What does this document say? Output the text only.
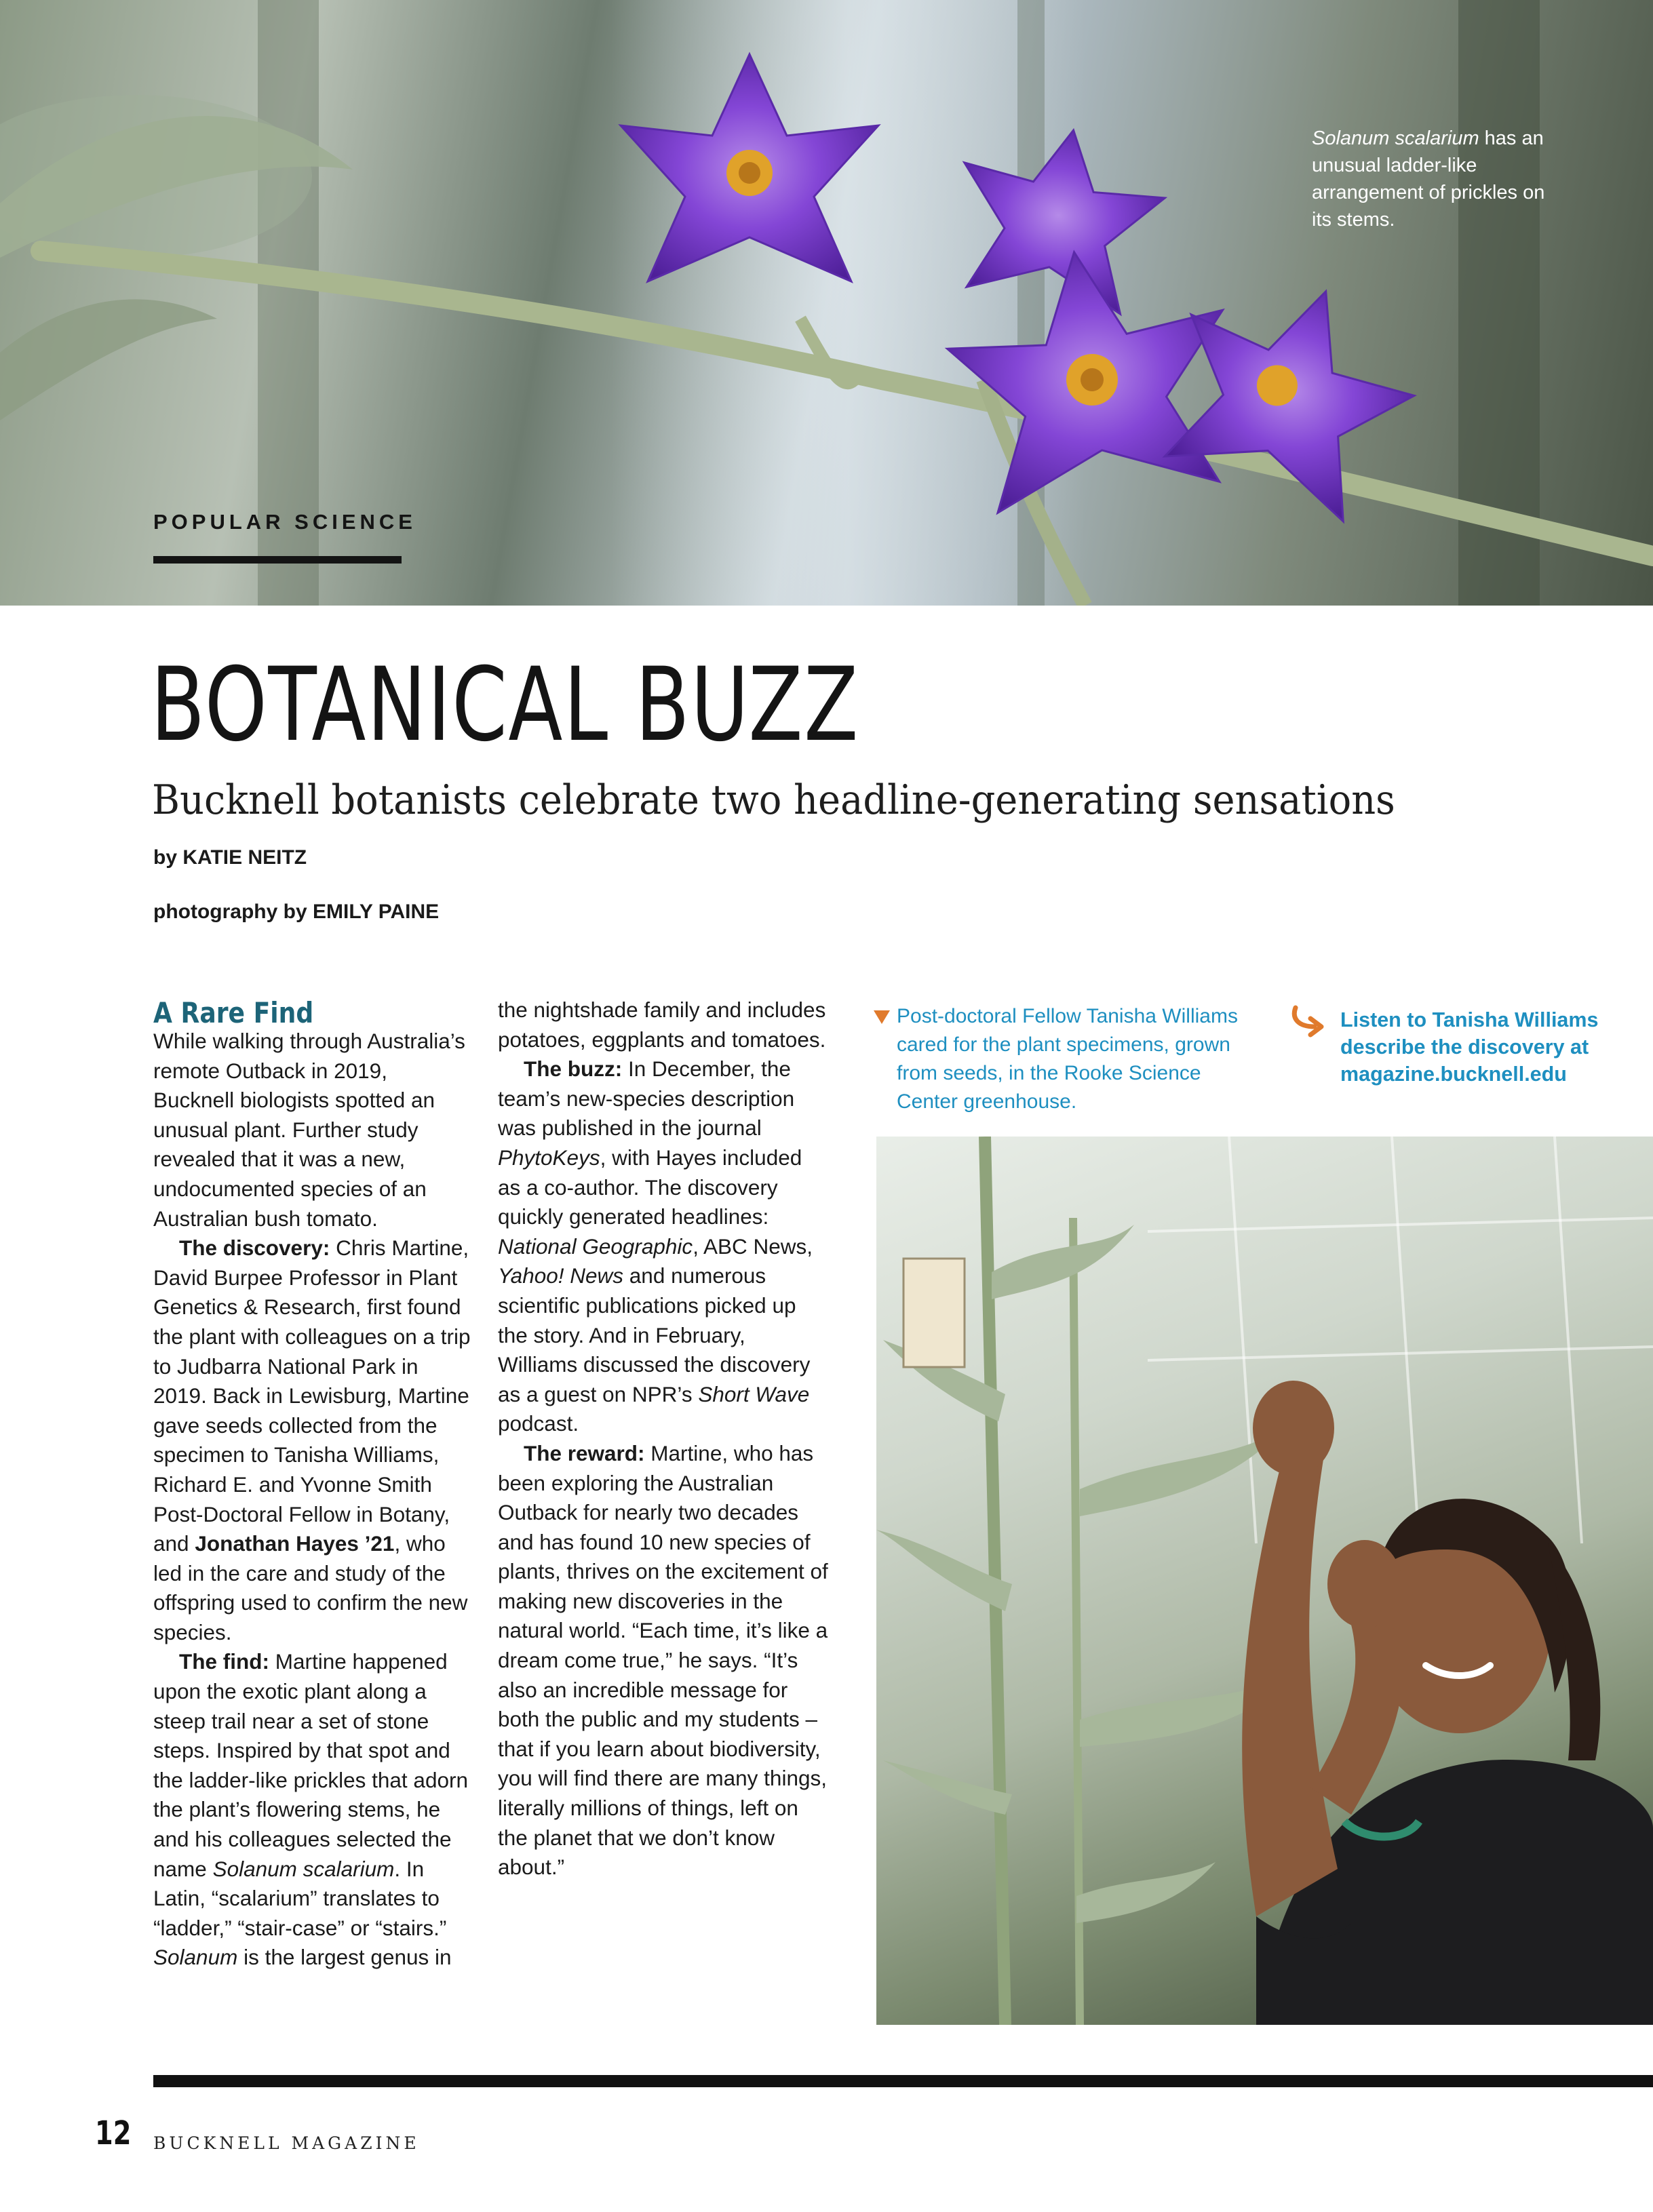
Solanum scalarium has an unusual ladder-like arrangement of prickles on its stems.
POPULAR SCIENCE
BOTANICAL BUZZ
Bucknell botanists celebrate two headline-generating sensations
by KATIE NEITZ
photography by EMILY PAINE
A Rare Find

While walking through Australia’s remote Outback in 2019, Bucknell biologists spotted an unusual plant. Further study revealed that it was a new, undocumented species of an Australian bush tomato.

The discovery: Chris Martine, David Burpee Professor in Plant Genetics & Research, first found the plant with colleagues on a trip to Judbarra National Park in 2019. Back in Lewisburg, Martine gave seeds collected from the specimen to Tanisha Williams, Richard E. and Yvonne Smith Post-Doctoral Fellow in Botany, and Jonathan Hayes ’21, who led in the care and study of the offspring used to confirm the new species.

The find: Martine happened upon the exotic plant along a steep trail near a set of stone steps. Inspired by that spot and the ladder-like prickles that adorn the plant’s flowering stems, he and his colleagues selected the name Solanum scalarium. In Latin, “scalarium” translates to “ladder,” “stair-case” or “stairs.” Solanum is the largest genus in

the nightshade family and includes potatoes, eggplants and tomatoes.

The buzz: In December, the team’s new-species description was published in the journal PhytoKeys, with Hayes included as a co-author. The discovery quickly generated headlines: National Geographic, ABC News, Yahoo! News and numerous scientific publications picked up the story. And in February, Williams discussed the discovery as a guest on NPR’s Short Wave podcast.

The reward: Martine, who has been exploring the Australian Outback for nearly two decades and has found 10 new species of plants, thrives on the excitement of making new discoveries in the natural world. “Each time, it’s like a dream come true,” he says. “It’s also an incredible message for both the public and my students – that if you learn about biodiversity, you will find there are many things, literally millions of things, left on the planet that we don’t know about.”

Post-doctoral Fellow Tanisha Williams cared for the plant specimens, grown from seeds, in the Rooke Science Center greenhouse.
Listen to Tanisha Williams describe the discovery at magazine.bucknell.edu
12 BUCKNELL MAGAZINE
